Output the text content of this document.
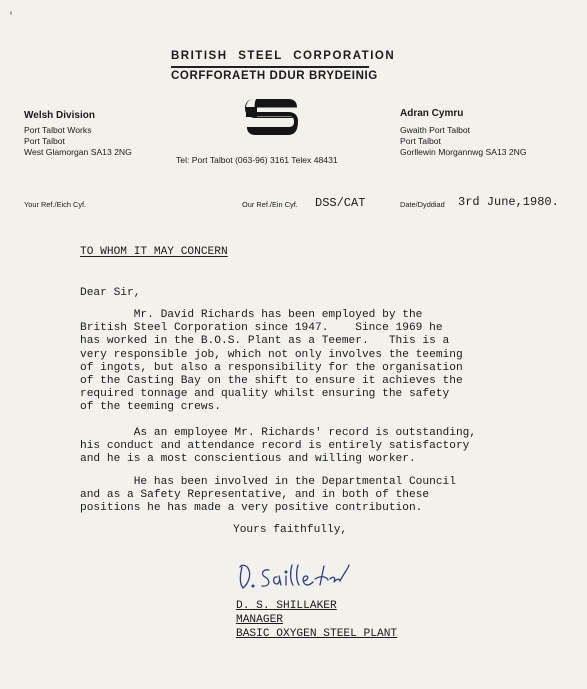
'
BRITISH STEEL CORPORATION
CORFFORAETH DDUR BRYDEINIG
Welsh Division
Port Talbot Works
Port Talbot
West Glamorgan SA13 2NG
Adran Cymru
Gwaith Port Talbot
Port Talbot
Gorllewin Morgannwg SA13 2NG
Tel: Port Talbot (063-96) 3161 Telex 48431
Your Ref./Eich Cyf.	Our Ref./Ein Cyf. DSS/CAT	Date/Dyddiad 3rd June,1980.
TO WHOM IT MAY CONCERN
Dear Sir,
Mr. David Richards has been employed by the
British Steel Corporation since 1947.    Since 1969 he
has worked in the B.O.S. Plant as a Teemer.   This is a
very responsible job, which not only involves the teeming
of ingots, but also a responsibility for the organisation
of the Casting Bay on the shift to ensure it achieves the
required tonnage and quality whilst ensuring the safety
of the teeming crews.
As an employee Mr. Richards' record is outstanding,
his conduct and attendance record is entirely satisfactory
and he is a most conscientious and willing worker.
He has been involved in the Departmental Council
and as a Safety Representative, and in both of these
positions he has made a very positive contribution.
Yours faithfully,
D. S. SHILLAKER
MANAGER
BASIC OXYGEN STEEL PLANT
